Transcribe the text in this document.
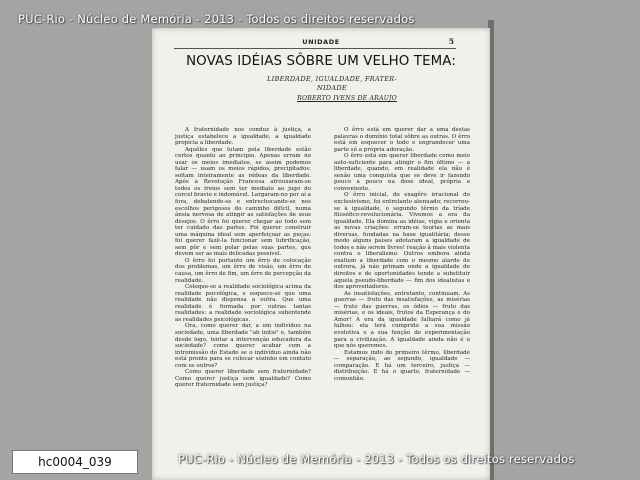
UNIDADE	5
NOVAS IDÉIAS SÔBRE UM VELHO TEMA:
LIBERDADE, IGUALDADE, FRATER-
NIDADE
ROBERTO IVENS DE ARAUJO

A fraternidade nos conduz à justiça, a justiça estabelece a igualdade, a igualdade propicia a liberdade.

Aquêles que lutam pela liberdade estão certos quanto ao principio. Apenas erram no usar os meios imediatos, se assim podemos falar — usam os meios rápidos, precipitados: soltam inteiramente as rédeas da liberdade. Após a Revolução Francesa afrouxaram-se todos os freios sem ter mediato ao jugo do corcel bravio e indomável. Largaram-no por aí a fora, debatendo-se e entrechocando-se nos escolhos perigosos do caminho difícil, numa ânsia nervosa de atingir as satisfações de seus desejos. O êrro foi querer chegar ao todo sem ter cuidado das partes. Foi querer construir uma máquina ideal sem aperfeiçoar as peças; foi querer fazê-la funcionar sem lubrificação, sem pôr e sem polar pelas suas partes, que devem ser as mais delicadas possível.

O êrro foi portanto um êrro de colocação dos problemas, um êrro de visão, um êrro de causa, um êrro de fim, um êrro de percepção da realidade.

Coloque-se a realidade sociológica acima da realidade psicológica, e esquece-se que uma realidade não dispensa a outra. Que uma realidade é formada por outras tantas realidades: a realidade sociológica subentende as realidades psicológicas.

Ora, como querer dar, a um indivíduo na sociedade, uma liberdade "ab initio" e, também desde logo, tentar a intervenção educadora da sociedade? como querer acabar com a intromissão do Estado se o indivíduo ainda não está pronto para se colocar sòzinho em contato com os outros?

Como querer liberdade sem fraternidade? Como querer justiça sem igualdade? Como querer fraternidade sem justiça?

O êrro está em querer dar a uma destas palavras o domínio total sôbre as outras. O êrro está em esquecer o todo e engrandecer uma parte só a própria adoração.

O êrro está em querer liberdade como meio auto-suficiente para atingir o fim último — a liberdade, quando, em realidade ela não é senão uma conquista que se deve ir fazendo pouco a pouco na dose ideal, própria e conveniente.

O êrro inicial, do exagêro irracional do exclusivismo, foi entretanto atenuado: recorreu-se à igualdade, o segundo têrmo da tríade filosófico-revolucionária. Vivemos a era da igualdade. Ela domina as idéias, vigia e orienta as novas criações: erram-se teorias as mais diversas, fundadas na base igualitária; desse modo alguns países adotaram a igualdade de todos e não serem livres! reação à mais violenta contra o liberalismo. Outros embora ainda exaltem a liberdade com o mesmo alarde de outrora, já não primam onde a igualdade de direitos e de oportunidades tende a substituir aquela pseudo-liberdade — fim dos idealistas e dos aproveitadores.

As insatisfações, entretanto, continuam. As guerras — fruto das insatisfações, as misérias — fruto das guerras, os ódios — fruto das misérias, e os ideais, frutos da Esperança e do Amor! A era da igualdade falhará como já falhou: ela terá cumprido a sua missão evolutiva e a sua função de experimentação para a civilização. A igualdade ainda não é o que nós queremos.

Estamos indo do primeiro têrmo, liberdade — separação, ao segundo, igualdade — comparação. E há um terceiro, justiça — distribuição. E há o quarto, fraternidade — comunhão.

PUC-Rio - Núcleo de Memória - 2013 - Todos os direitos reservados
PUC-Rio - Núcleo de Memória - 2013 - Todos os direitos reservados
hc0004_039
